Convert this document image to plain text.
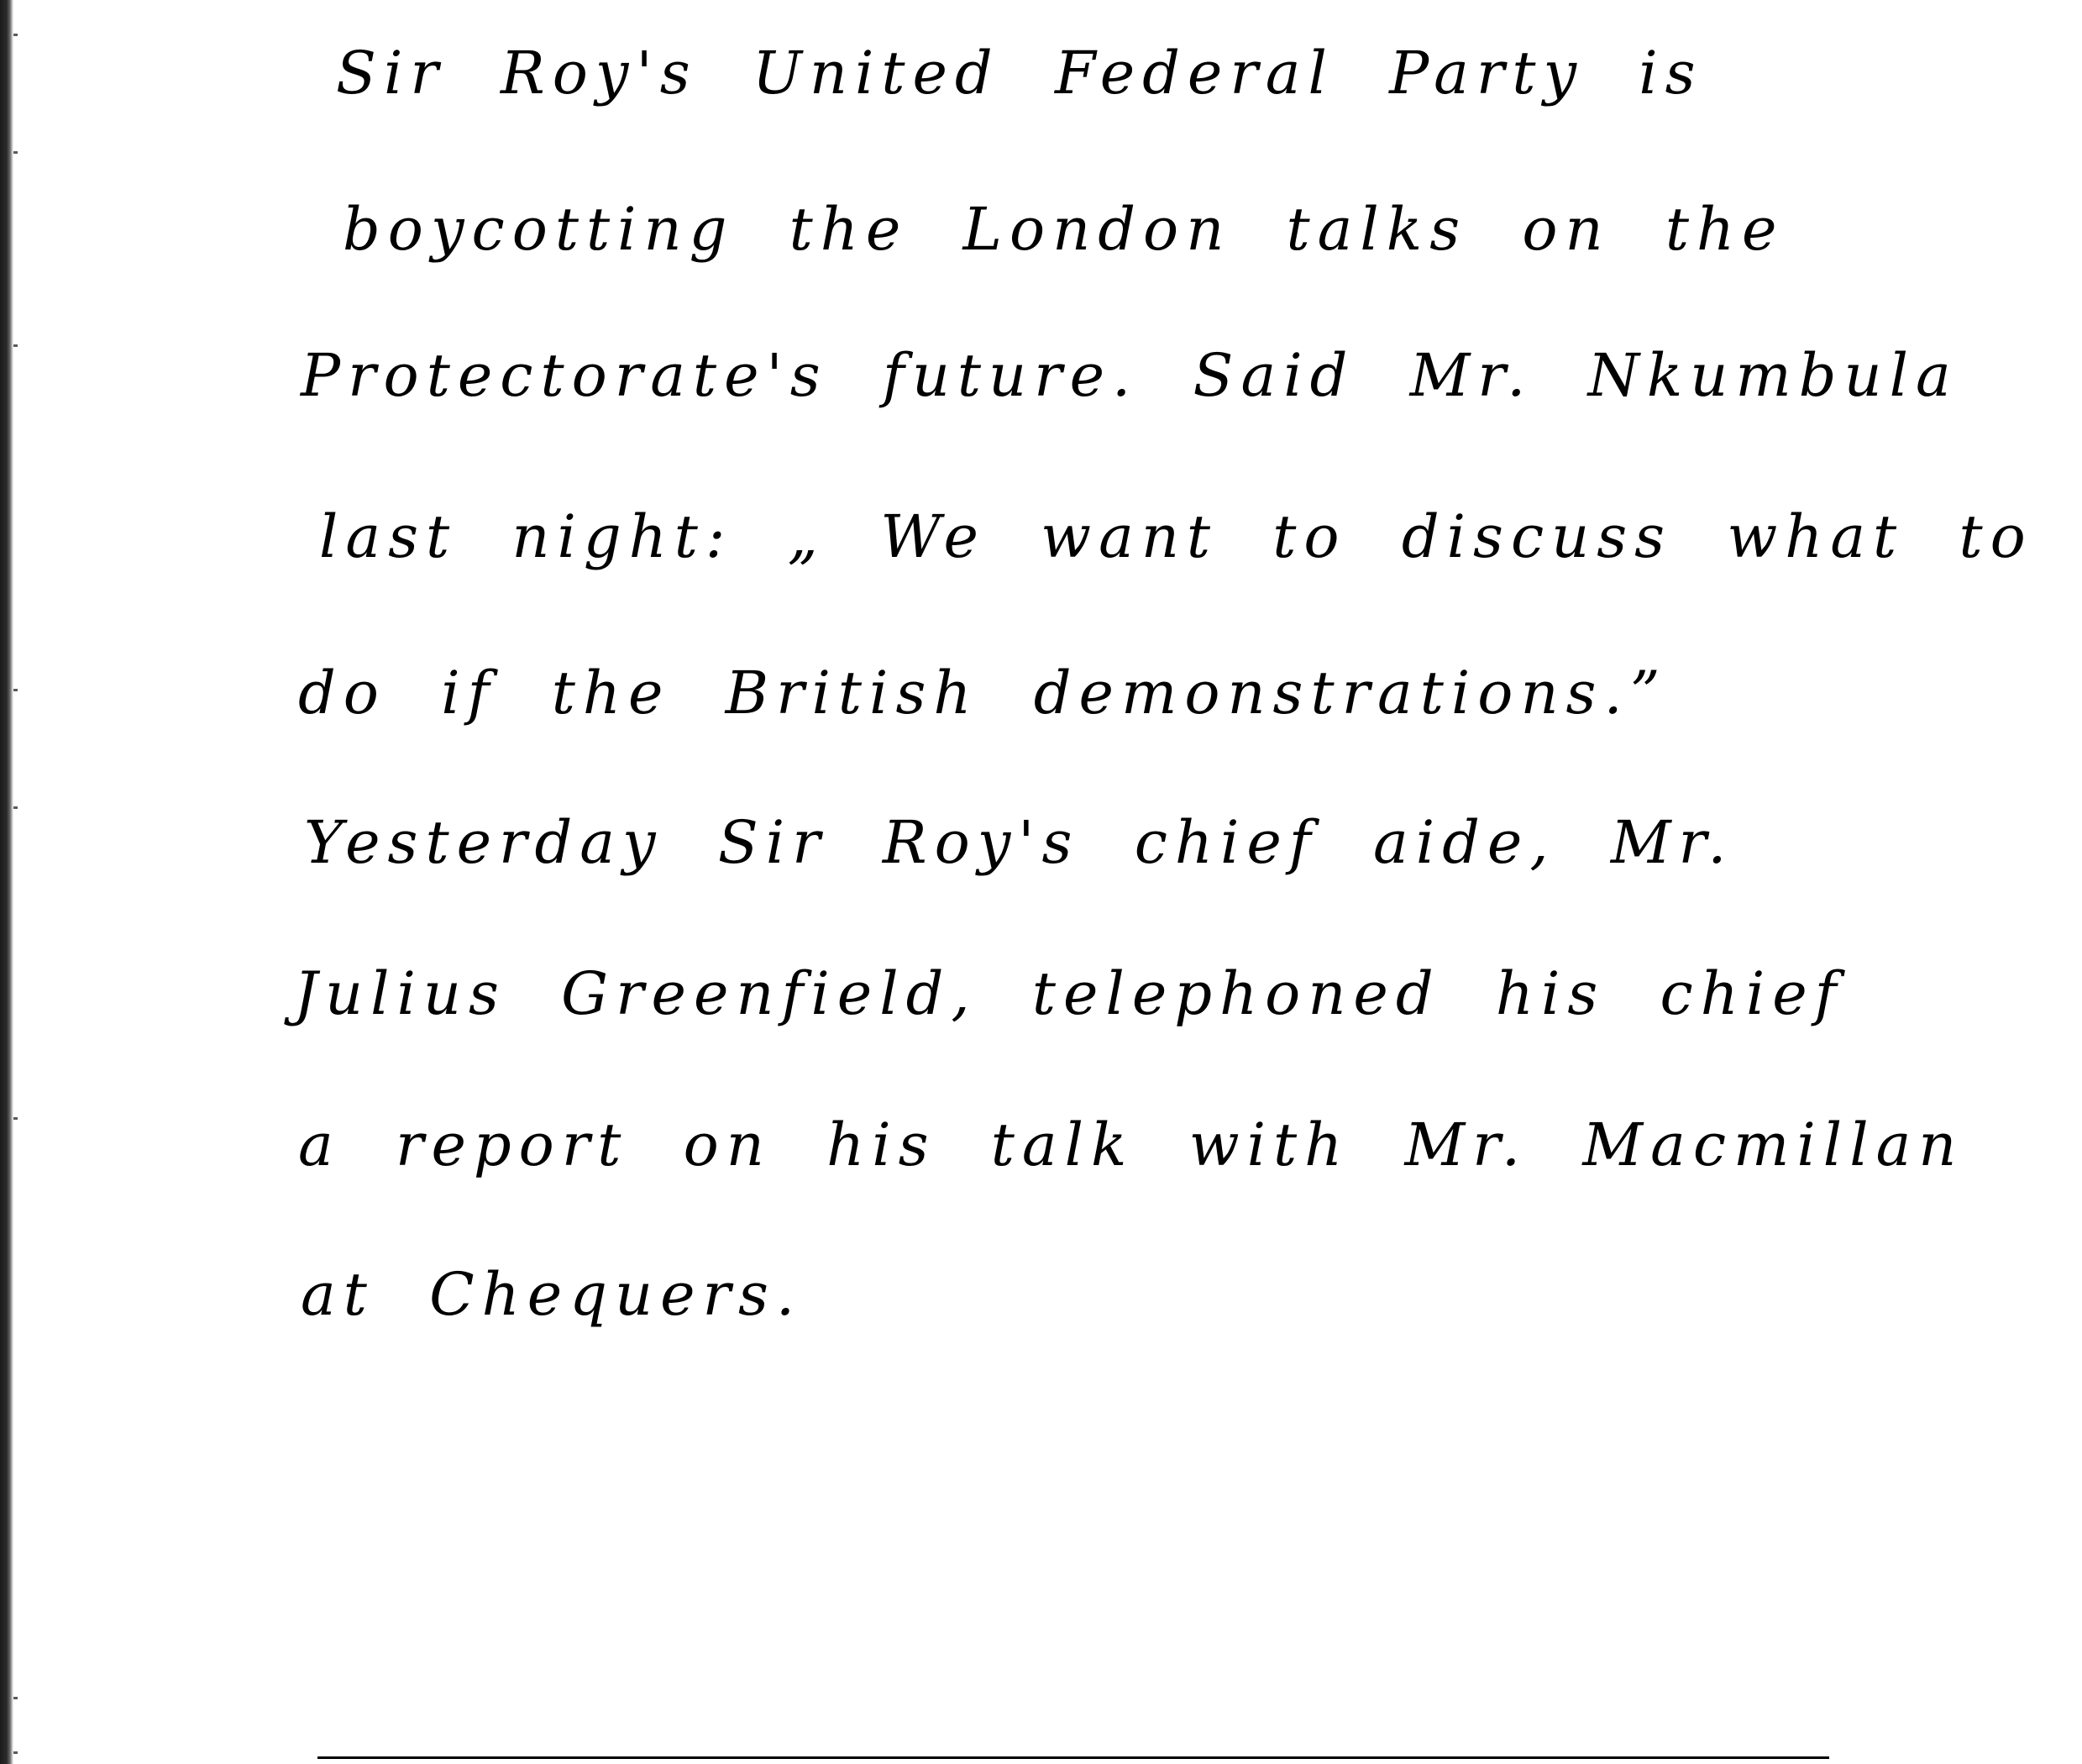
Sir Roy's United Federal Party is
boycotting the London talks on the
Protectorate's future. Said Mr. Nkumbula
last night: „ We want to discuss what to
do if the British demonstrations.”
Yesterday Sir Roy's chief aide, Mr.
Julius Greenfield, telephoned his chief
a report on his talk with Mr. Macmillan
at Chequers.
